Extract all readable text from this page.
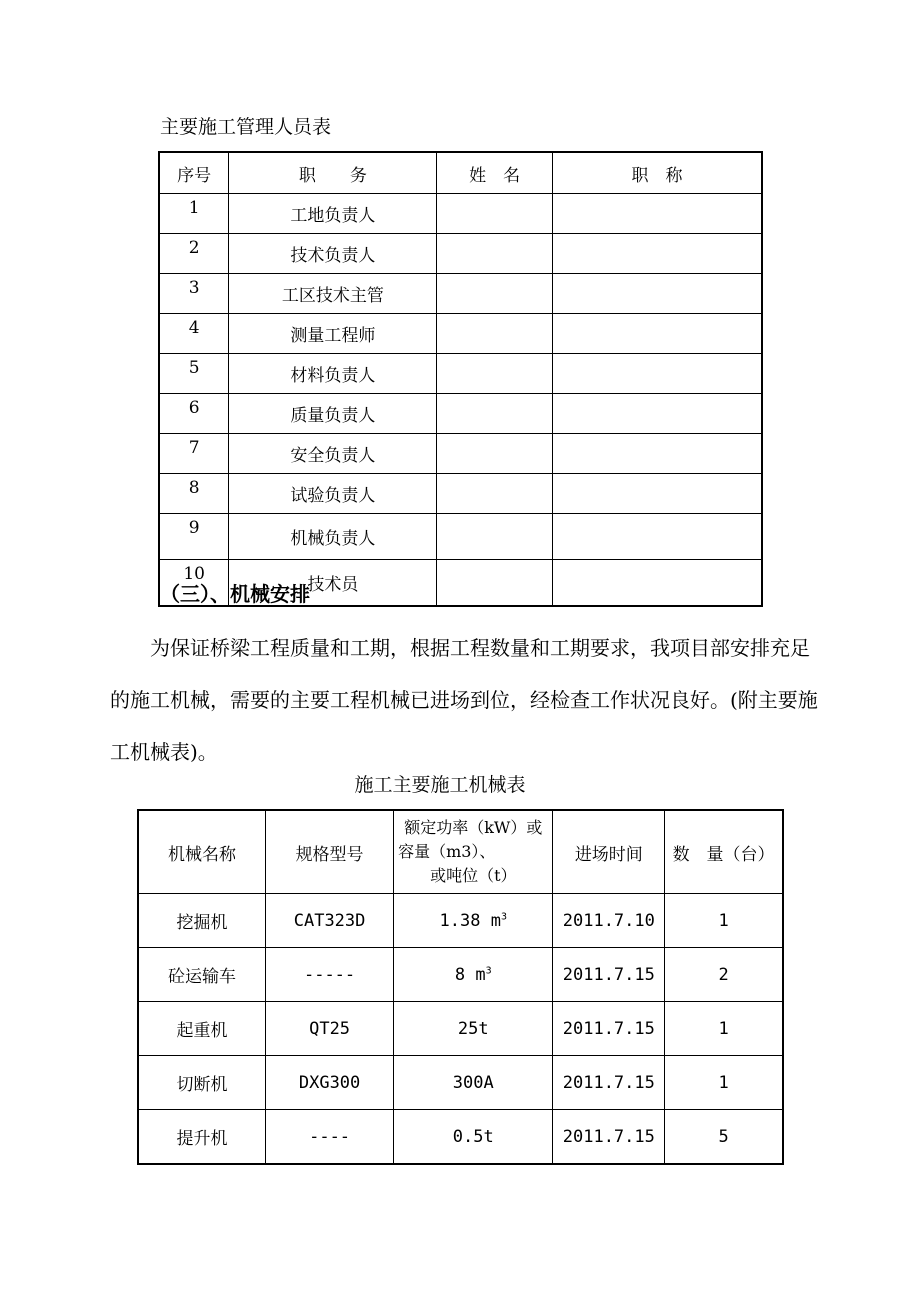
主要施工管理人员表
序号	职　　务	姓　名	职　称
1	工地负责人		
2	技术负责人		
3	工区技术主管		
4	测量工程师		
5	材料负责人		
6	质量负责人		
7	安全负责人		
8	试验负责人		
9	机械负责人		
10	技术员		
（三）、机械安排
为保证桥梁工程质量和工期，根据工程数量和工期要求，我项目部安排充足的施工机械，需要的主要工程机械已进场到位，经检查工作状况良好。(附主要施工机械表)。
施工主要施工机械表
机械名称	规格型号	额定功率（kW）或
容量（m3）、
或吨位（t）	进场时间	数　量（台）
挖掘机	CAT323D	1.38 $m^3$	2011.7.10	1
砼运输车	-----	8 $m^3$	2011.7.15	2
起重机	QT25	25t	2011.7.15	1
切断机	DXG300	300A	2011.7.15	1
提升机	----	0.5t	2011.7.15	5
